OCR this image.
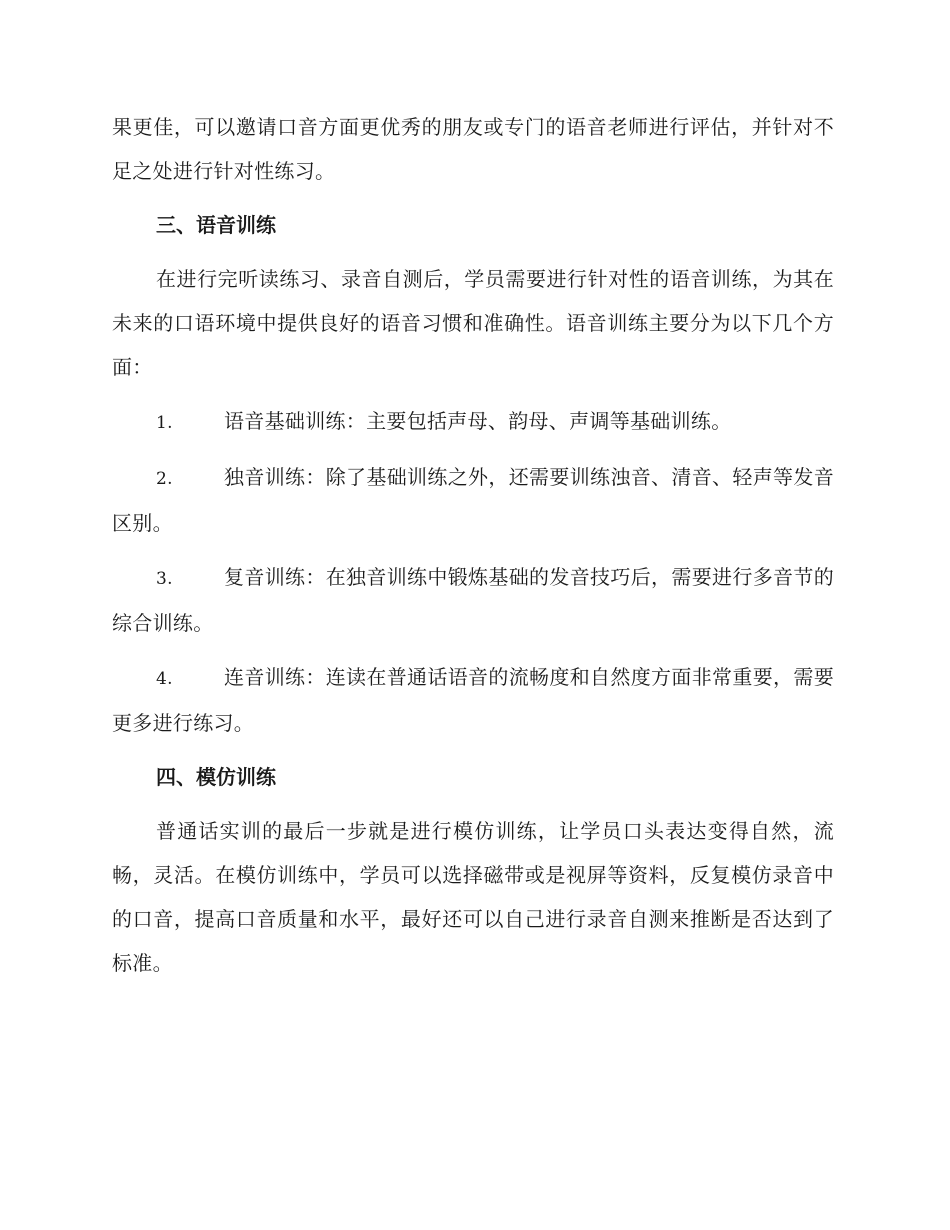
果更佳，可以邀请口音方面更优秀的朋友或专门的语音老师进行评估，并针对不足之处进行针对性练习。

三、语音训练

在进行完听读练习、录音自测后，学员需要进行针对性的语音训练，为其在未来的口语环境中提供良好的语音习惯和准确性。语音训练主要分为以下几个方面：

1.	语音基础训练：主要包括声母、韵母、声调等基础训练。
2.	独音训练：除了基础训练之外，还需要训练浊音、清音、轻声等发音区别。
3.	复音训练：在独音训练中锻炼基础的发音技巧后，需要进行多音节的综合训练。
4.	连音训练：连读在普通话语音的流畅度和自然度方面非常重要，需要更多进行练习。
四、模仿训练

普通话实训的最后一步就是进行模仿训练，让学员口头表达变得自然，流畅，灵活。在模仿训练中，学员可以选择磁带或是视屏等资料，反复模仿录音中的口音，提高口音质量和水平，最好还可以自己进行录音自测来推断是否达到了标准。
